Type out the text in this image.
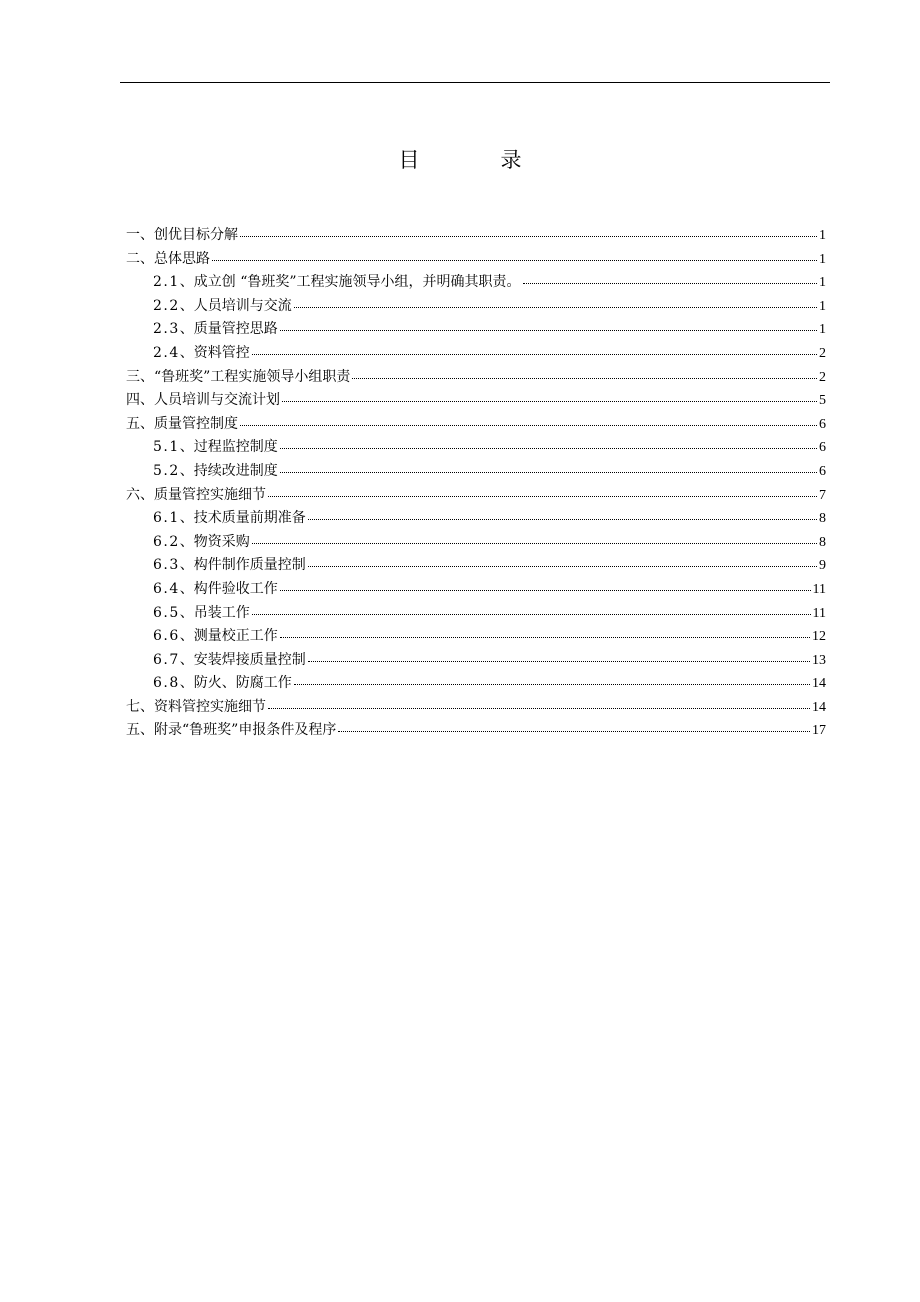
目　录
一、创优目标分解	1
二、总体思路	1
2.1、成立创 “鲁班奖”工程实施领导小组，并明确其职责。	1
2.2、人员培训与交流	1
2.3、质量管控思路	1
2.4、资料管控	2
三、“鲁班奖”工程实施领导小组职责	2
四、人员培训与交流计划	5
五、质量管控制度	6
5.1、过程监控制度	6
5.2、持续改进制度	6
六、质量管控实施细节	7
6.1、技术质量前期准备	8
6.2、物资采购	8
6.3、构件制作质量控制	9
6.4、构件验收工作	11
6.5、吊装工作	11
6.6、测量校正工作	12
6.7、安装焊接质量控制	13
6.8、防火、防腐工作	14
七、资料管控实施细节	14
五、附录“鲁班奖”申报条件及程序	17
